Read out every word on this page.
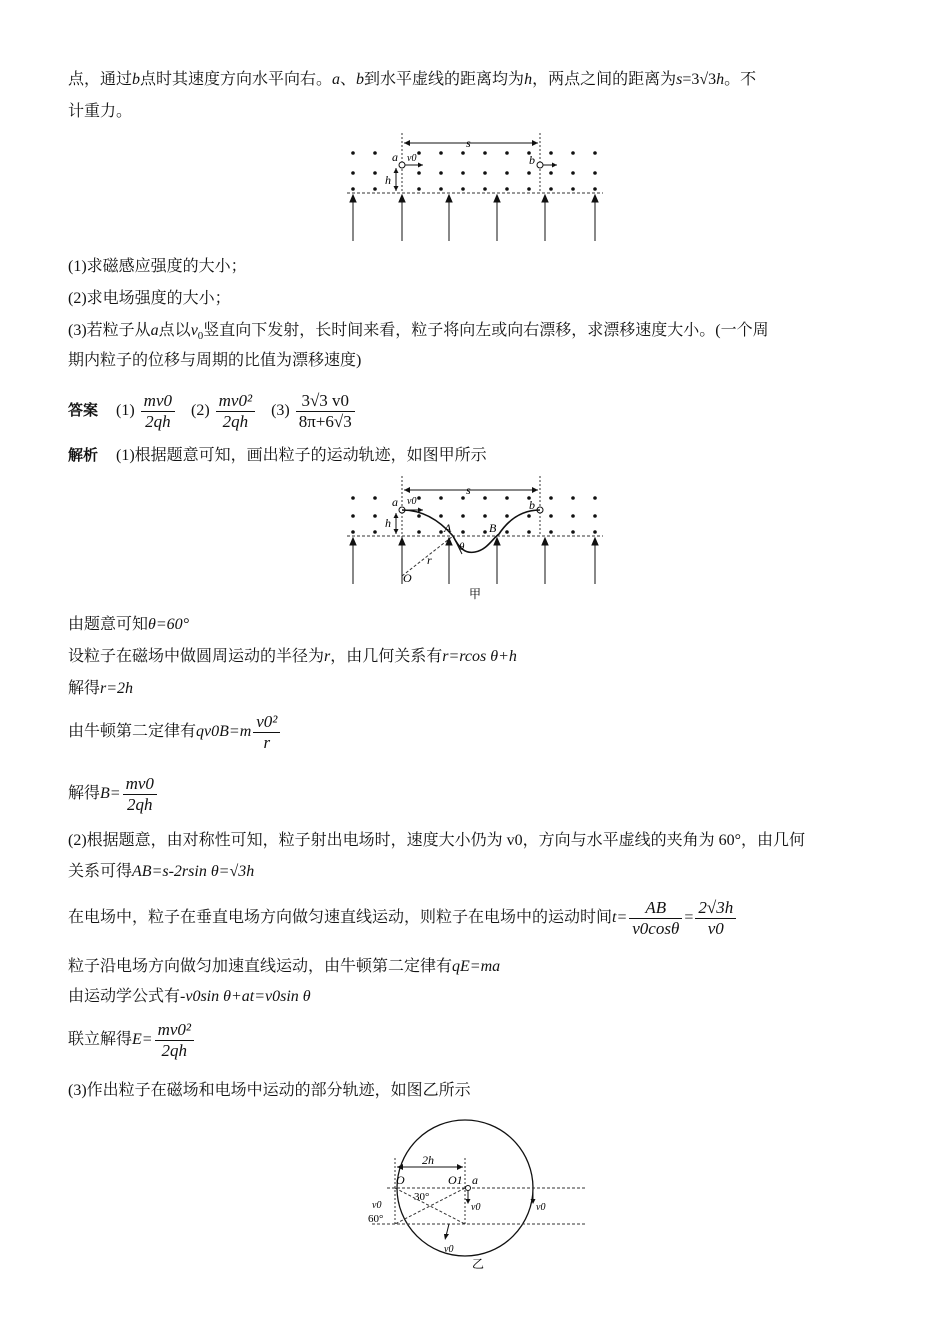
点，通过b点时其速度方向水平向右。a、b到水平虚线的距离均为h，两点之间的距离为s=3√3h。不
计重力。
s
a v0	b
h
(1)求磁感应强度的大小；
(2)求电场强度的大小；
(3)若粒子从a点以$v_0$竖直向下发射，长时间来看，粒子将向左或向右漂移，求漂移速度大小。(一个周
期内粒子的位移与周期的比值为漂移速度)
答案 $(1) \frac{mv0}{2qh} (2) \frac{\text{mv0²}}{2qh} (3) \frac{3√3 v0}{8\pi+6√3}$
解析 (1)根据题意可知，画出粒子的运动轨迹，如图甲所示
s
a v0	b
h	A	B
θ
r
O
甲
由题意可知θ=60°
设粒子在磁场中做圆周运动的半径为r，由几何关系有r=rcos θ+h
解得r=2h
由牛顿第二定律有$qv0B=m \frac{\text{v0²}}{r}$
解得$B= \frac{mv0}{2qh}$
(2)根据题意，由对称性可知，粒子射出电场时，速度大小仍为 v0，方向与水平虚线的夹角为 60°，由几何
关系可得AB=s-2rsin θ=√3h
在电场中，粒子在垂直电场方向做匀速直线运动，则粒子在电场中的运动时间$t= \frac{AB}{v0\cos\theta} = \frac{2√3h}{v0}$
粒子沿电场方向做匀加速直线运动，由牛顿第二定律有qE=ma
由运动学公式有-v0sin θ+at=v0sin θ
联立解得$E= \frac{\text{mv0²}}{2qh}$
(3)作出粒子在磁场和电场中运动的部分轨迹，如图乙所示
2h
O	O1 a
30°
v0	v0
v0
60°
v0
乙
